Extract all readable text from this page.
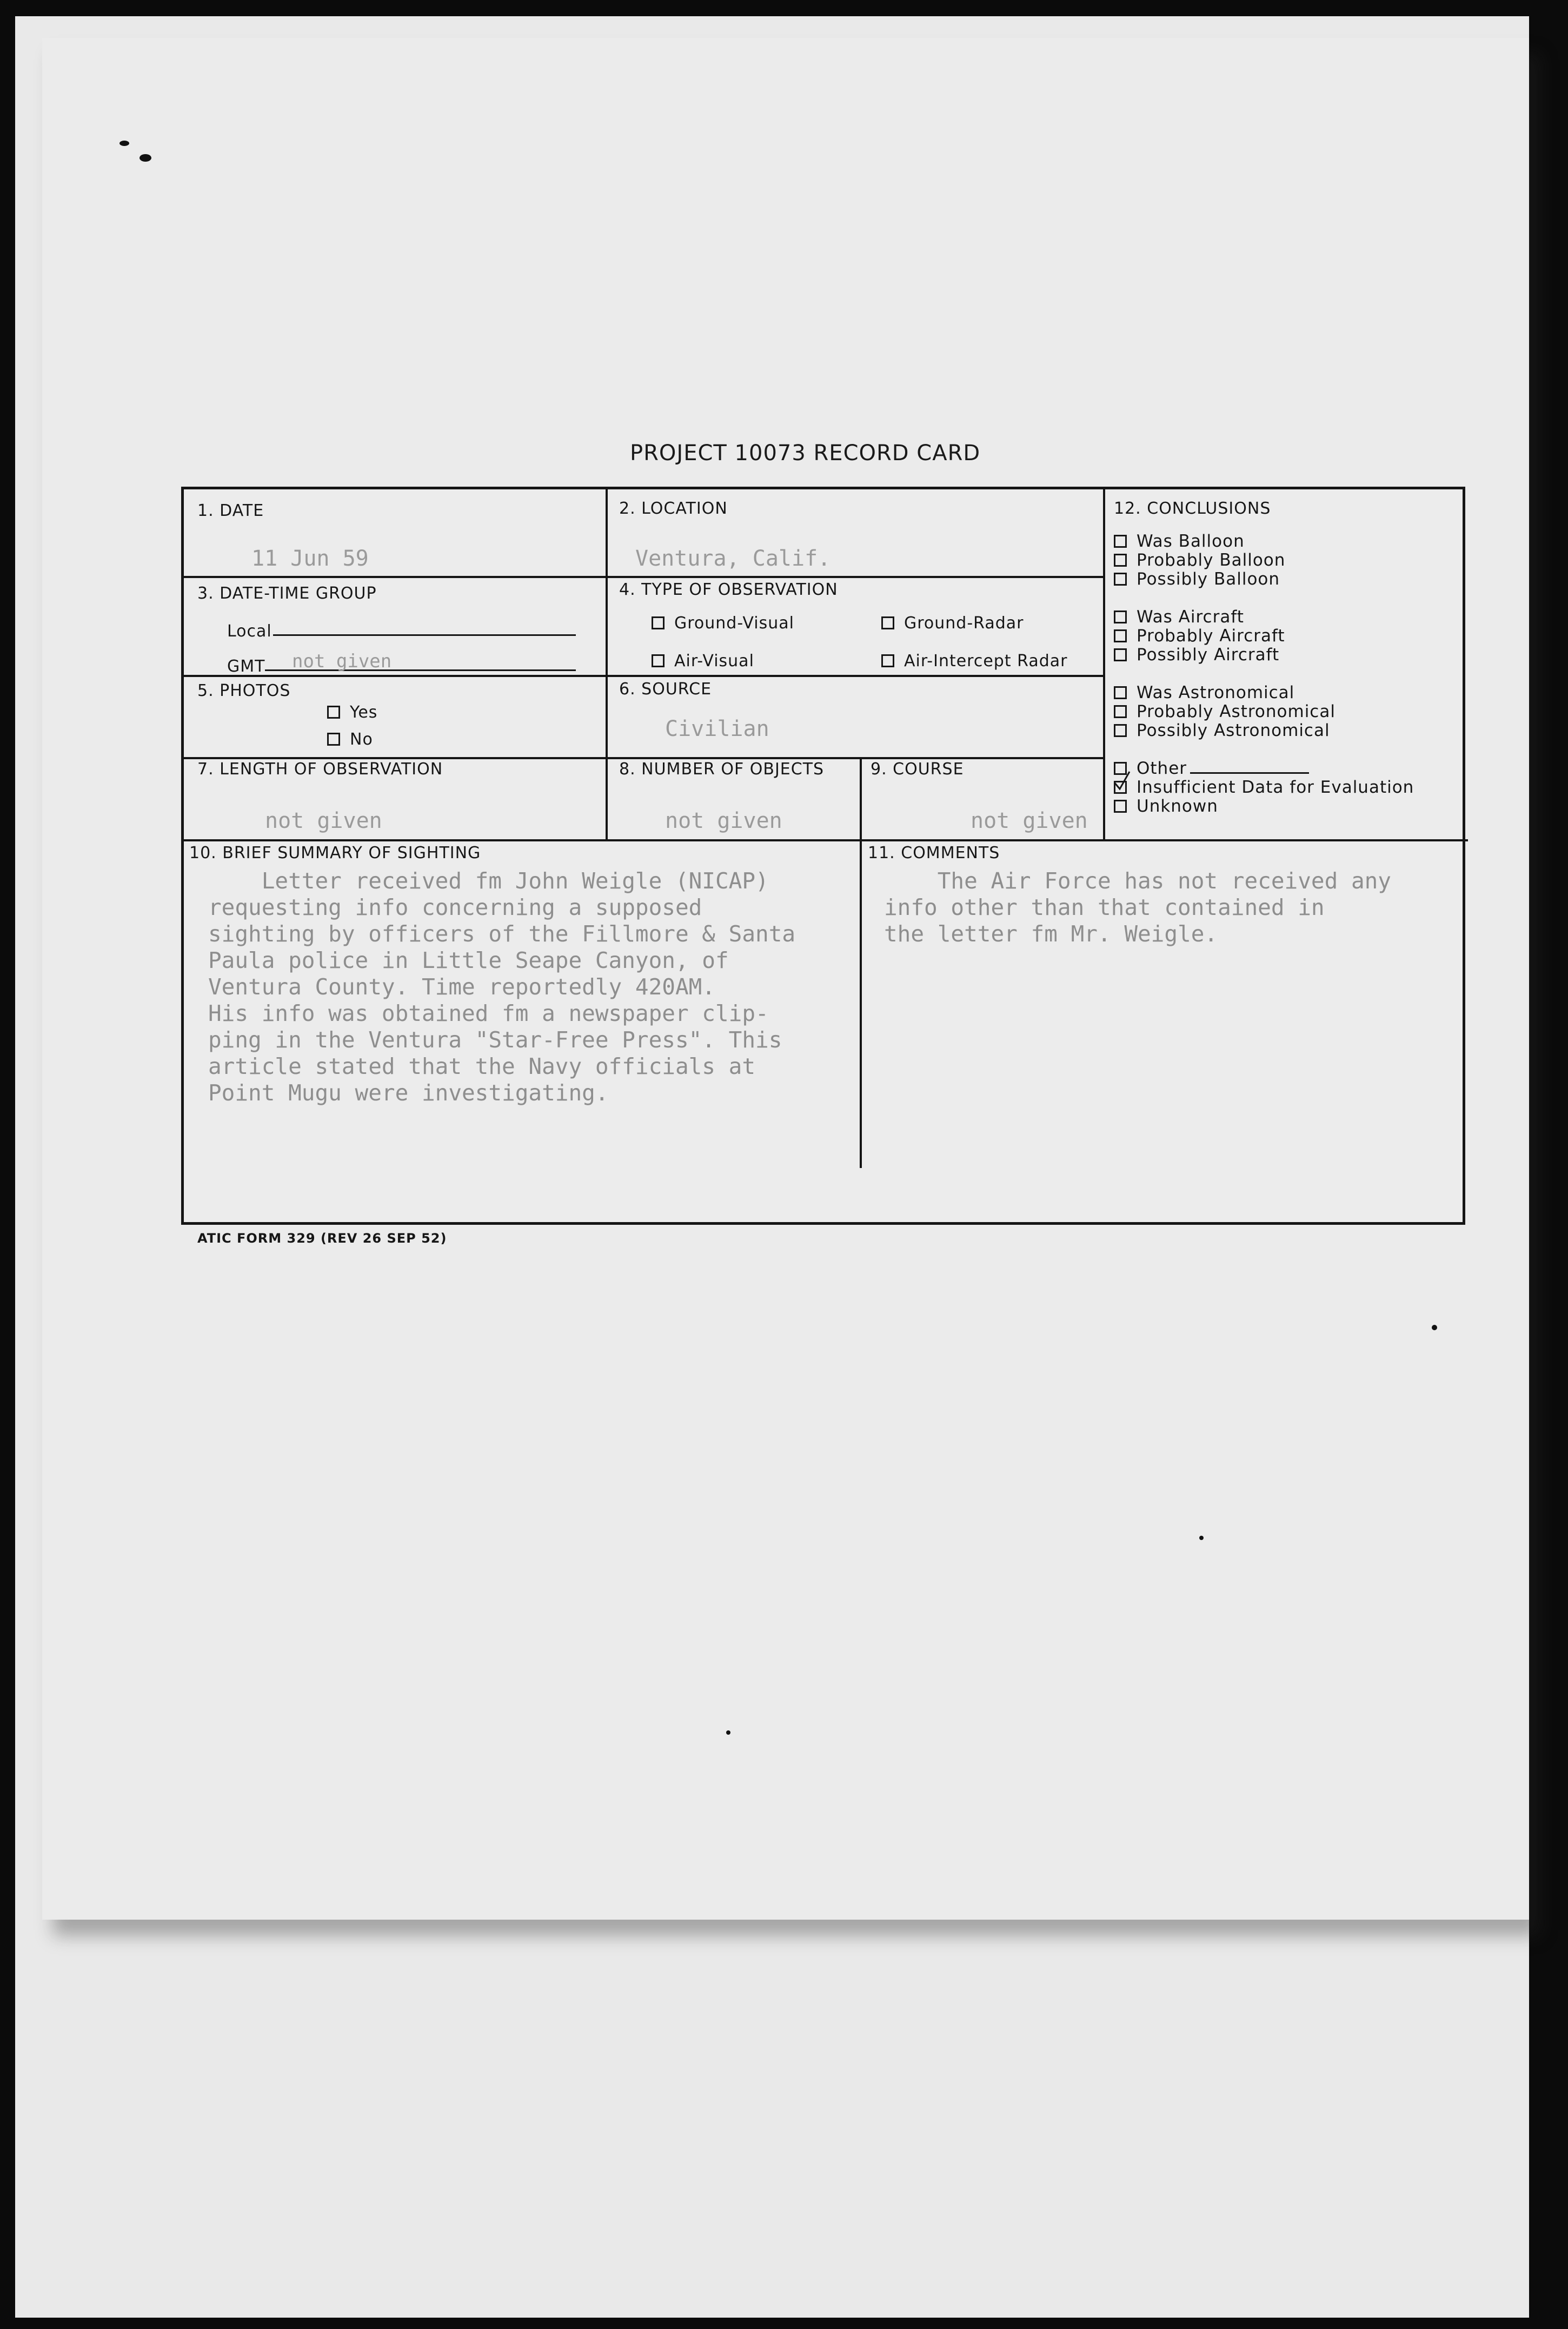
PROJECT 10073 RECORD CARD
1. DATE
11 Jun 59
2. LOCATION
Ventura, Calif.
3. DATE-TIME GROUP
Local
GMT not given
4. TYPE OF OBSERVATION
Ground-Visual	Ground-Radar
Air-Visual	Air-Intercept Radar
5. PHOTOS
Yes
No
6. SOURCE
Civilian
7. LENGTH OF OBSERVATION
not given
8. NUMBER OF OBJECTS
not given
9. COURSE
not given
12. CONCLUSIONS
Was Balloon
Probably Balloon
Possibly Balloon
Was Aircraft
Probably Aircraft
Possibly Aircraft
Was Astronomical
Probably Astronomical
Possibly Astronomical
Other
Insufficient Data for Evaluation
Unknown
10. BRIEF SUMMARY OF SIGHTING
Letter received fm John Weigle (NICAP)
requesting info concerning a supposed
sighting by officers of the Fillmore & Santa
Paula police in Little Seape Canyon, of
Ventura County. Time reportedly 420AM.
His info was obtained fm a newspaper clip-
ping in the Ventura "Star-Free Press". This
article stated that the Navy officials at
Point Mugu were investigating.
11. COMMENTS
The Air Force has not received any
info other than that contained in
the letter fm Mr. Weigle.
ATIC FORM 329 (REV 26 SEP 52)
